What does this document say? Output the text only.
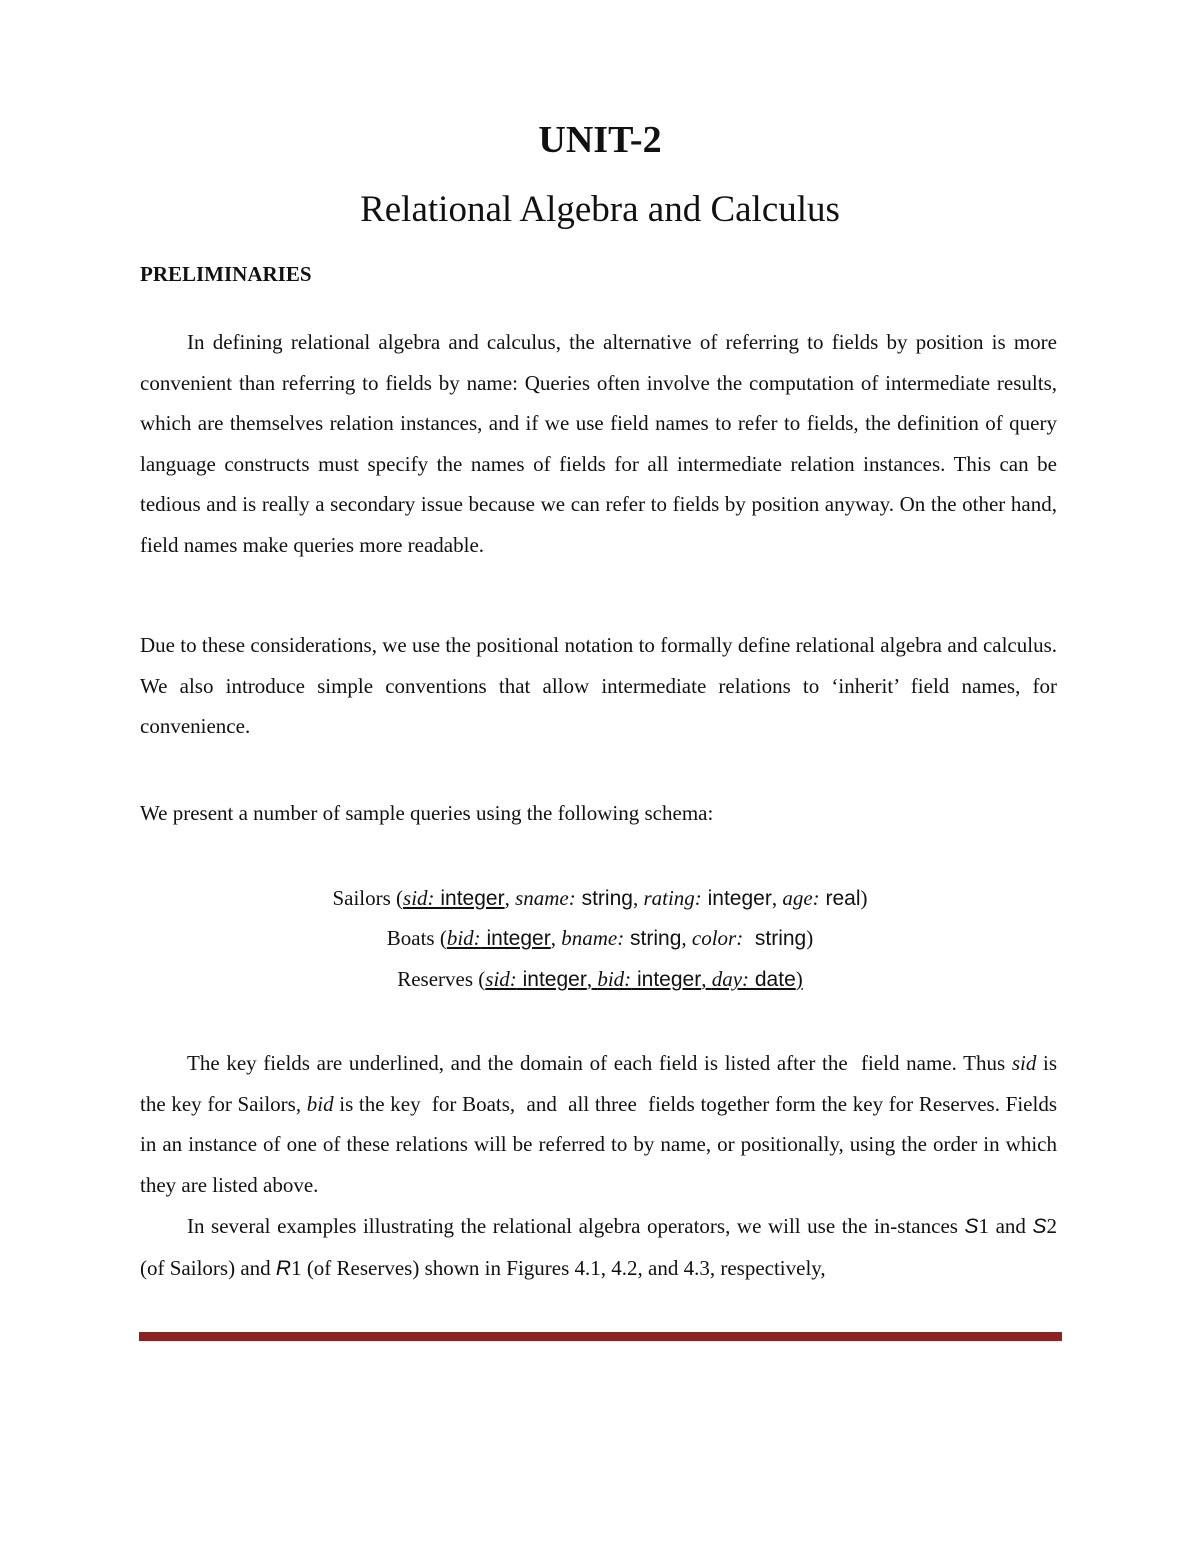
UNIT-2
Relational Algebra and Calculus
PRELIMINARIES

In defining relational algebra and calculus, the alternative of referring to fields by position is more convenient than referring to fields by name: Queries often involve the computation of intermediate results, which are themselves relation instances, and if we use field names to refer to fields, the definition of query language constructs must specify the names of fields for all intermediate relation instances. This can be tedious and is really a secondary issue because we can refer to fields by position anyway. On the other hand, field names make queries more readable.

Due to these considerations, we use the positional notation to formally define relational algebra and calculus. We also introduce simple conventions that allow intermediate relations to ‘inherit’ field names, for convenience.

We present a number of sample queries using the following schema:

Sailors (sid: integer, sname: string, rating: integer, age: real)
Boats (bid: integer, bname: string, color:  string)
Reserves (sid: integer, bid: integer, day: date)

The key fields are underlined, and the domain of each field is listed after the  field name. Thus sid is the key for Sailors, bid is the key  for Boats,  and  all three  fields together form the key for Reserves. Fields in an instance of one of these relations will be referred to by name, or positionally, using the order in which they are listed above.

In several examples illustrating the relational algebra operators, we will use the in-stances S1 and S2 (of Sailors) and R1 (of Reserves) shown in Figures 4.1, 4.2, and 4.3, respectively,
